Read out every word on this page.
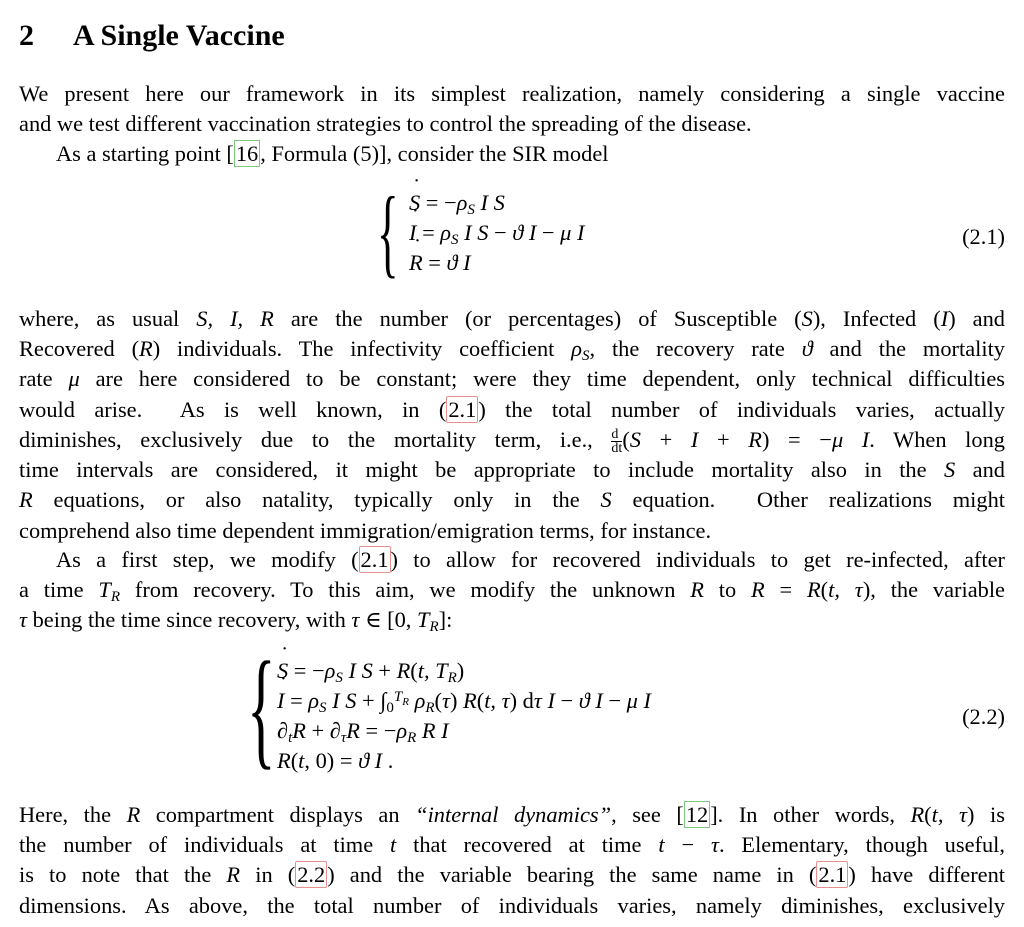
2 A Single Vaccine
We present here our framework in its simplest realization, namely considering a single vaccine
and we test different vaccination strategies to control the spreading of the disease.
As a starting point [16, Formula (5)], consider the SIR model
{ ˙ $S = -\rho_S$ I S
˙ $I = \rho_S$ I S − ϑ I − μ I
˙ R = ϑ I
(2.1)
where, as usual S, I, R are the number (or percentages) of Susceptible (S), Infected (I) and
Recovered (R) individuals. The infectivity coefficient $\rho_S$, the recovery rate ϑ and the mortality
rate μ are here considered to be constant; were they time dependent, only technical difficulties
would arise.  As is well known, in (2.1) the total number of individuals varies, actually
diminishes, exclusively due to the mortality term, i.e., $\frac{d}{dt} (S + I + R) = -\mu$ I. When long
time intervals are considered, it might be appropriate to include mortality also in the S and
R equations, or also natality, typically only in the S equation.  Other realizations might
comprehend also time dependent immigration/emigration terms, for instance.
As a first step, we modify (2.1) to allow for recovered individuals to get re-infected, after
a time $T_R$ from recovery. To this aim, we modify the unknown R to R = R(t, τ), the variable
τ being the time since recovery, with τ ∈ [0, $T_R$]:
{ ˙ $S = -\rho_S$ I S + R(t, $T_R$)
˙ $I = \rho_S$ I $S + \int_0^{T_R}$ $\rho_R(\tau)$ R(t, τ) dτ I − ϑ I − μ I
$\partial_tR + \partial_\tau R = -\rho_R$ R I
R(t, 0) = ϑ I .
(2.2)
Here, the R compartment displays an “internal dynamics”, see [12]. In other words, R(t, τ) is
the number of individuals at time t that recovered at time t − τ. Elementary, though useful,
is to note that the R in (2.2) and the variable bearing the same name in (2.1) have different
dimensions. As above, the total number of individuals varies, namely diminishes, exclusively
